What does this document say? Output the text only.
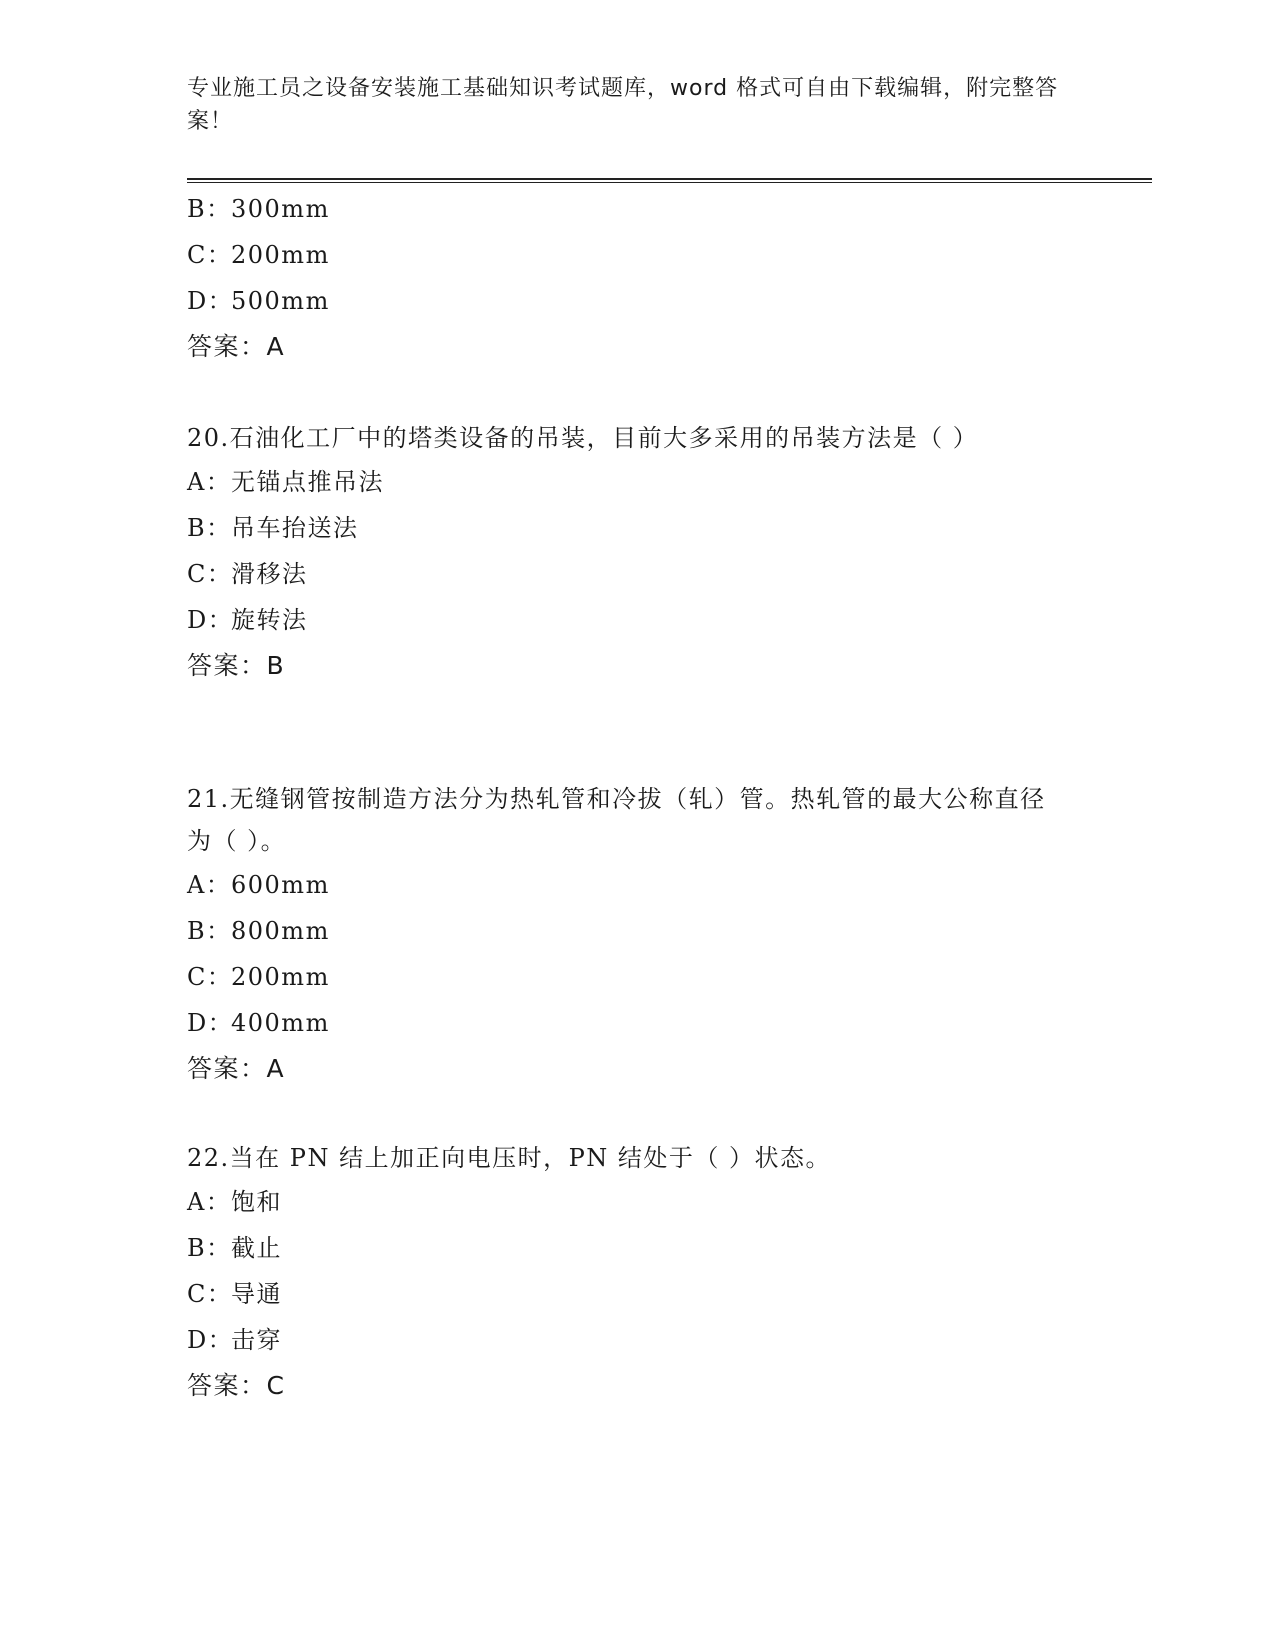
专业施工员之设备安装施工基础知识考试题库，word 格式可自由下载编辑，附完整答案！
B：300mm
C：200mm
D：500mm
答案：A
20.石油化工厂中的塔类设备的吊装，目前大多采用的吊装方法是（ ）
A：无锚点推吊法
B：吊车抬送法
C：滑移法
D：旋转法
答案：B
21.无缝钢管按制造方法分为热轧管和冷拔（轧）管。热轧管的最大公称直径为（ ）。
A：600mm
B：800mm
C：200mm
D：400mm
答案：A
22.当在 PN 结上加正向电压时，PN 结处于（ ）状态。
A：饱和
B：截止
C：导通
D：击穿
答案：C
